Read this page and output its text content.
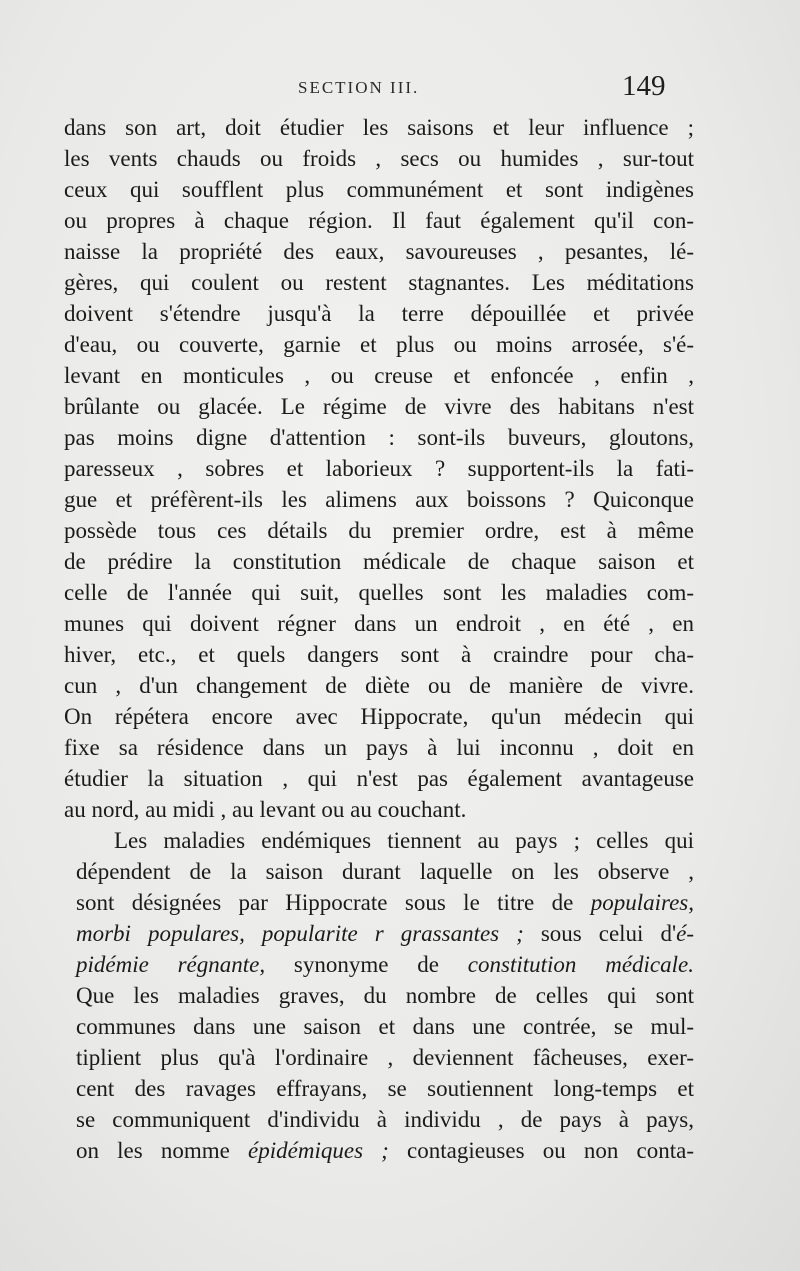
SECTION III.	149
dans son art, doit étudier les saisons et leur influence ;
les vents chauds ou froids , secs ou humides , sur-tout
ceux qui soufflent plus communément et sont indigènes
ou propres à chaque région. Il faut également qu'il con-
naisse la propriété des eaux, savoureuses , pesantes, lé-
gères, qui coulent ou restent stagnantes. Les méditations
doivent s'étendre jusqu'à la terre dépouillée et privée
d'eau, ou couverte, garnie et plus ou moins arrosée, s'é-
levant en monticules , ou creuse et enfoncée , enfin ,
brûlante ou glacée. Le régime de vivre des habitans n'est
pas moins digne d'attention : sont-ils buveurs, gloutons,
paresseux , sobres et laborieux ? supportent-ils la fati-
gue et préfèrent-ils les alimens aux boissons ? Quiconque
possède tous ces détails du premier ordre, est à même
de prédire la constitution médicale de chaque saison et
celle de l'année qui suit, quelles sont les maladies com-
munes qui doivent régner dans un endroit , en été , en
hiver, etc., et quels dangers sont à craindre pour cha-
cun , d'un changement de diète ou de manière de vivre.
On répétera encore avec Hippocrate, qu'un médecin qui
fixe sa résidence dans un pays à lui inconnu , doit en
étudier la situation , qui n'est pas également avantageuse
au nord, au midi , au levant ou au couchant.
Les maladies endémiques tiennent au pays ; celles qui
dépendent de la saison durant laquelle on les observe ,
sont désignées par Hippocrate sous le titre de populaires,
morbi populares, popularite r grassantes ; sous celui d'é-
pidémie régnante, synonyme de constitution médicale.
Que les maladies graves, du nombre de celles qui sont
communes dans une saison et dans une contrée, se mul-
tiplient plus qu'à l'ordinaire , deviennent fâcheuses, exer-
cent des ravages effrayans, se soutiennent long-temps et
se communiquent d'individu à individu , de pays à pays,
on les nomme épidémiques ; contagieuses ou non conta-
